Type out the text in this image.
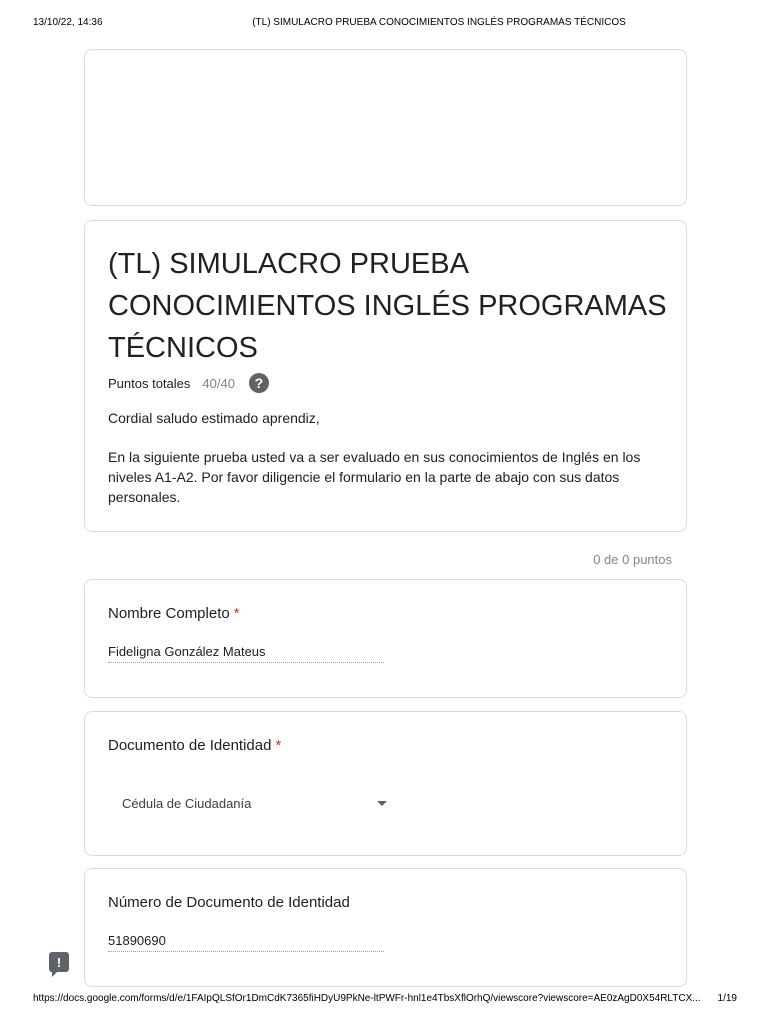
13/10/22, 14:36	(TL) SIMULACRO PRUEBA CONOCIMIENTOS INGLÉS PROGRAMAS TÉCNICOS
(TL) SIMULACRO PRUEBA CONOCIMIENTOS INGLÉS PROGRAMAS TÉCNICOS
Puntos totales 40/40	?

Cordial saludo estimado aprendiz,

En la siguiente prueba usted va a ser evaluado en sus conocimientos de Inglés en los niveles A1-A2. Por favor diligencie el formulario en la parte de abajo con sus datos personales.

0 de 0 puntos
Nombre Completo *
Fideligna González Mateus
Documento de Identidad *
Cédula de Ciudadanía
Número de Documento de Identidad
51890690
!
https://docs.google.com/forms/d/e/1FAIpQLSfOr1DmCdK7365fiHDyU9PkNe-ltPWFr-hnl1e4TbsXflOrhQ/viewscore?viewscore=AE0zAgD0X54RLTCX...	1/19
